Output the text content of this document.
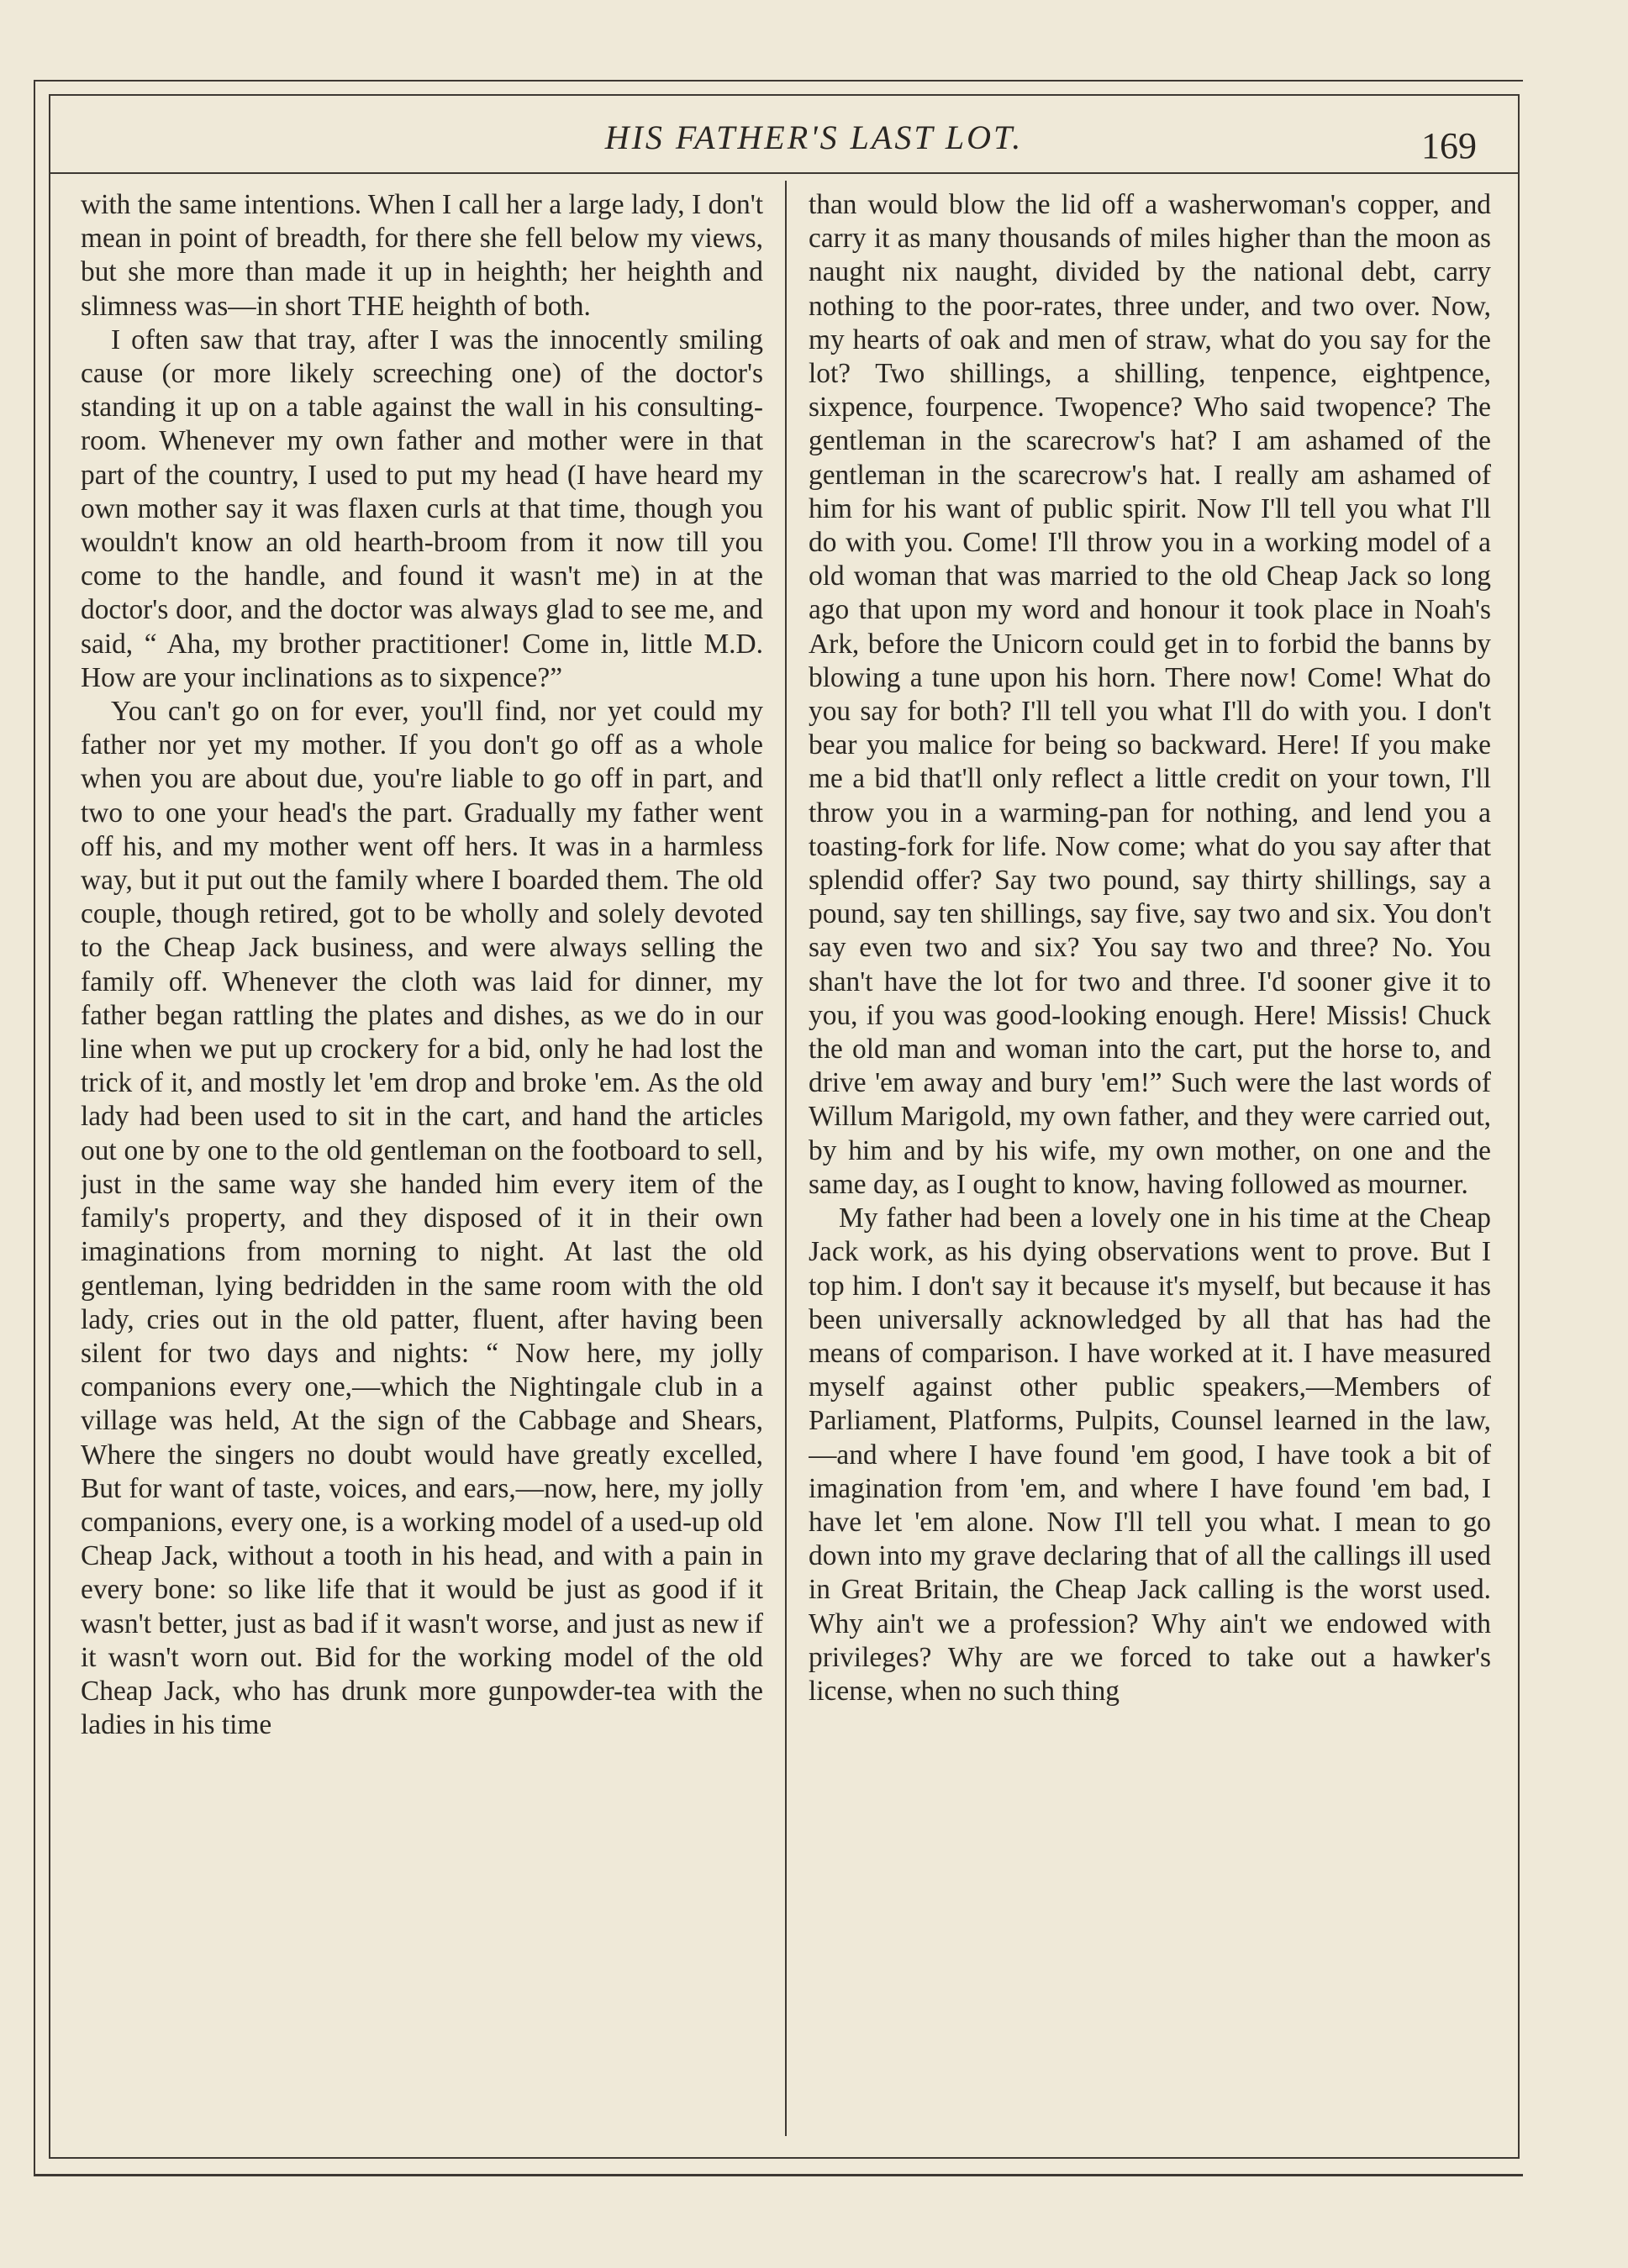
HIS FATHER'S LAST LOT.	169

with the same intentions. When I call her a large lady, I don't mean in point of breadth, for there she fell below my views, but she more than made it up in heighth; her heighth and slimness was—in short THE heighth of both.

I often saw that tray, after I was the innocently smiling cause (or more likely screeching one) of the doctor's standing it up on a table against the wall in his consulting-room. Whenever my own father and mother were in that part of the country, I used to put my head (I have heard my own mother say it was flaxen curls at that time, though you wouldn't know an old hearth-broom from it now till you come to the handle, and found it wasn't me) in at the doctor's door, and the doctor was always glad to see me, and said, “ Aha, my brother practitioner! Come in, little M.D. How are your inclinations as to sixpence?”

You can't go on for ever, you'll find, nor yet could my father nor yet my mother. If you don't go off as a whole when you are about due, you're liable to go off in part, and two to one your head's the part. Gradually my father went off his, and my mother went off hers. It was in a harmless way, but it put out the family where I boarded them. The old couple, though retired, got to be wholly and solely devoted to the Cheap Jack business, and were always selling the family off. Whenever the cloth was laid for dinner, my father began rattling the plates and dishes, as we do in our line when we put up crockery for a bid, only he had lost the trick of it, and mostly let 'em drop and broke 'em. As the old lady had been used to sit in the cart, and hand the articles out one by one to the old gentleman on the footboard to sell, just in the same way she handed him every item of the family's property, and they disposed of it in their own imaginations from morning to night. At last the old gentleman, lying bedridden in the same room with the old lady, cries out in the old patter, fluent, after having been silent for two days and nights: “ Now here, my jolly companions every one,—which the Nightingale club in a village was held, At the sign of the Cabbage and Shears, Where the singers no doubt would have greatly excelled, But for want of taste, voices, and ears,—now, here, my jolly companions, every one, is a working model of a used-up old Cheap Jack, without a tooth in his head, and with a pain in every bone: so like life that it would be just as good if it wasn't better, just as bad if it wasn't worse, and just as new if it wasn't worn out. Bid for the working model of the old Cheap Jack, who has drunk more gunpowder-tea with the ladies in his time

than would blow the lid off a washerwoman's copper, and carry it as many thousands of miles higher than the moon as naught nix naught, divided by the national debt, carry nothing to the poor-rates, three under, and two over. Now, my hearts of oak and men of straw, what do you say for the lot? Two shillings, a shilling, tenpence, eightpence, sixpence, fourpence. Twopence? Who said twopence? The gentleman in the scarecrow's hat? I am ashamed of the gentleman in the scarecrow's hat. I really am ashamed of him for his want of public spirit. Now I'll tell you what I'll do with you. Come! I'll throw you in a working model of a old woman that was married to the old Cheap Jack so long ago that upon my word and honour it took place in Noah's Ark, before the Unicorn could get in to forbid the banns by blowing a tune upon his horn. There now! Come! What do you say for both? I'll tell you what I'll do with you. I don't bear you malice for being so backward. Here! If you make me a bid that'll only reflect a little credit on your town, I'll throw you in a warming-pan for nothing, and lend you a toasting-fork for life. Now come; what do you say after that splendid offer? Say two pound, say thirty shillings, say a pound, say ten shillings, say five, say two and six. You don't say even two and six? You say two and three? No. You shan't have the lot for two and three. I'd sooner give it to you, if you was good-looking enough. Here! Missis! Chuck the old man and woman into the cart, put the horse to, and drive 'em away and bury 'em!” Such were the last words of Willum Marigold, my own father, and they were carried out, by him and by his wife, my own mother, on one and the same day, as I ought to know, having followed as mourner.

My father had been a lovely one in his time at the Cheap Jack work, as his dying observations went to prove. But I top him. I don't say it because it's myself, but because it has been universally acknowledged by all that has had the means of comparison. I have worked at it. I have measured myself against other public speakers,—Members of Parliament, Platforms, Pulpits, Counsel learned in the law,—and where I have found 'em good, I have took a bit of imagination from 'em, and where I have found 'em bad, I have let 'em alone. Now I'll tell you what. I mean to go down into my grave declaring that of all the callings ill used in Great Britain, the Cheap Jack calling is the worst used. Why ain't we a profession? Why ain't we endowed with privileges? Why are we forced to take out a hawker's license, when no such thing
